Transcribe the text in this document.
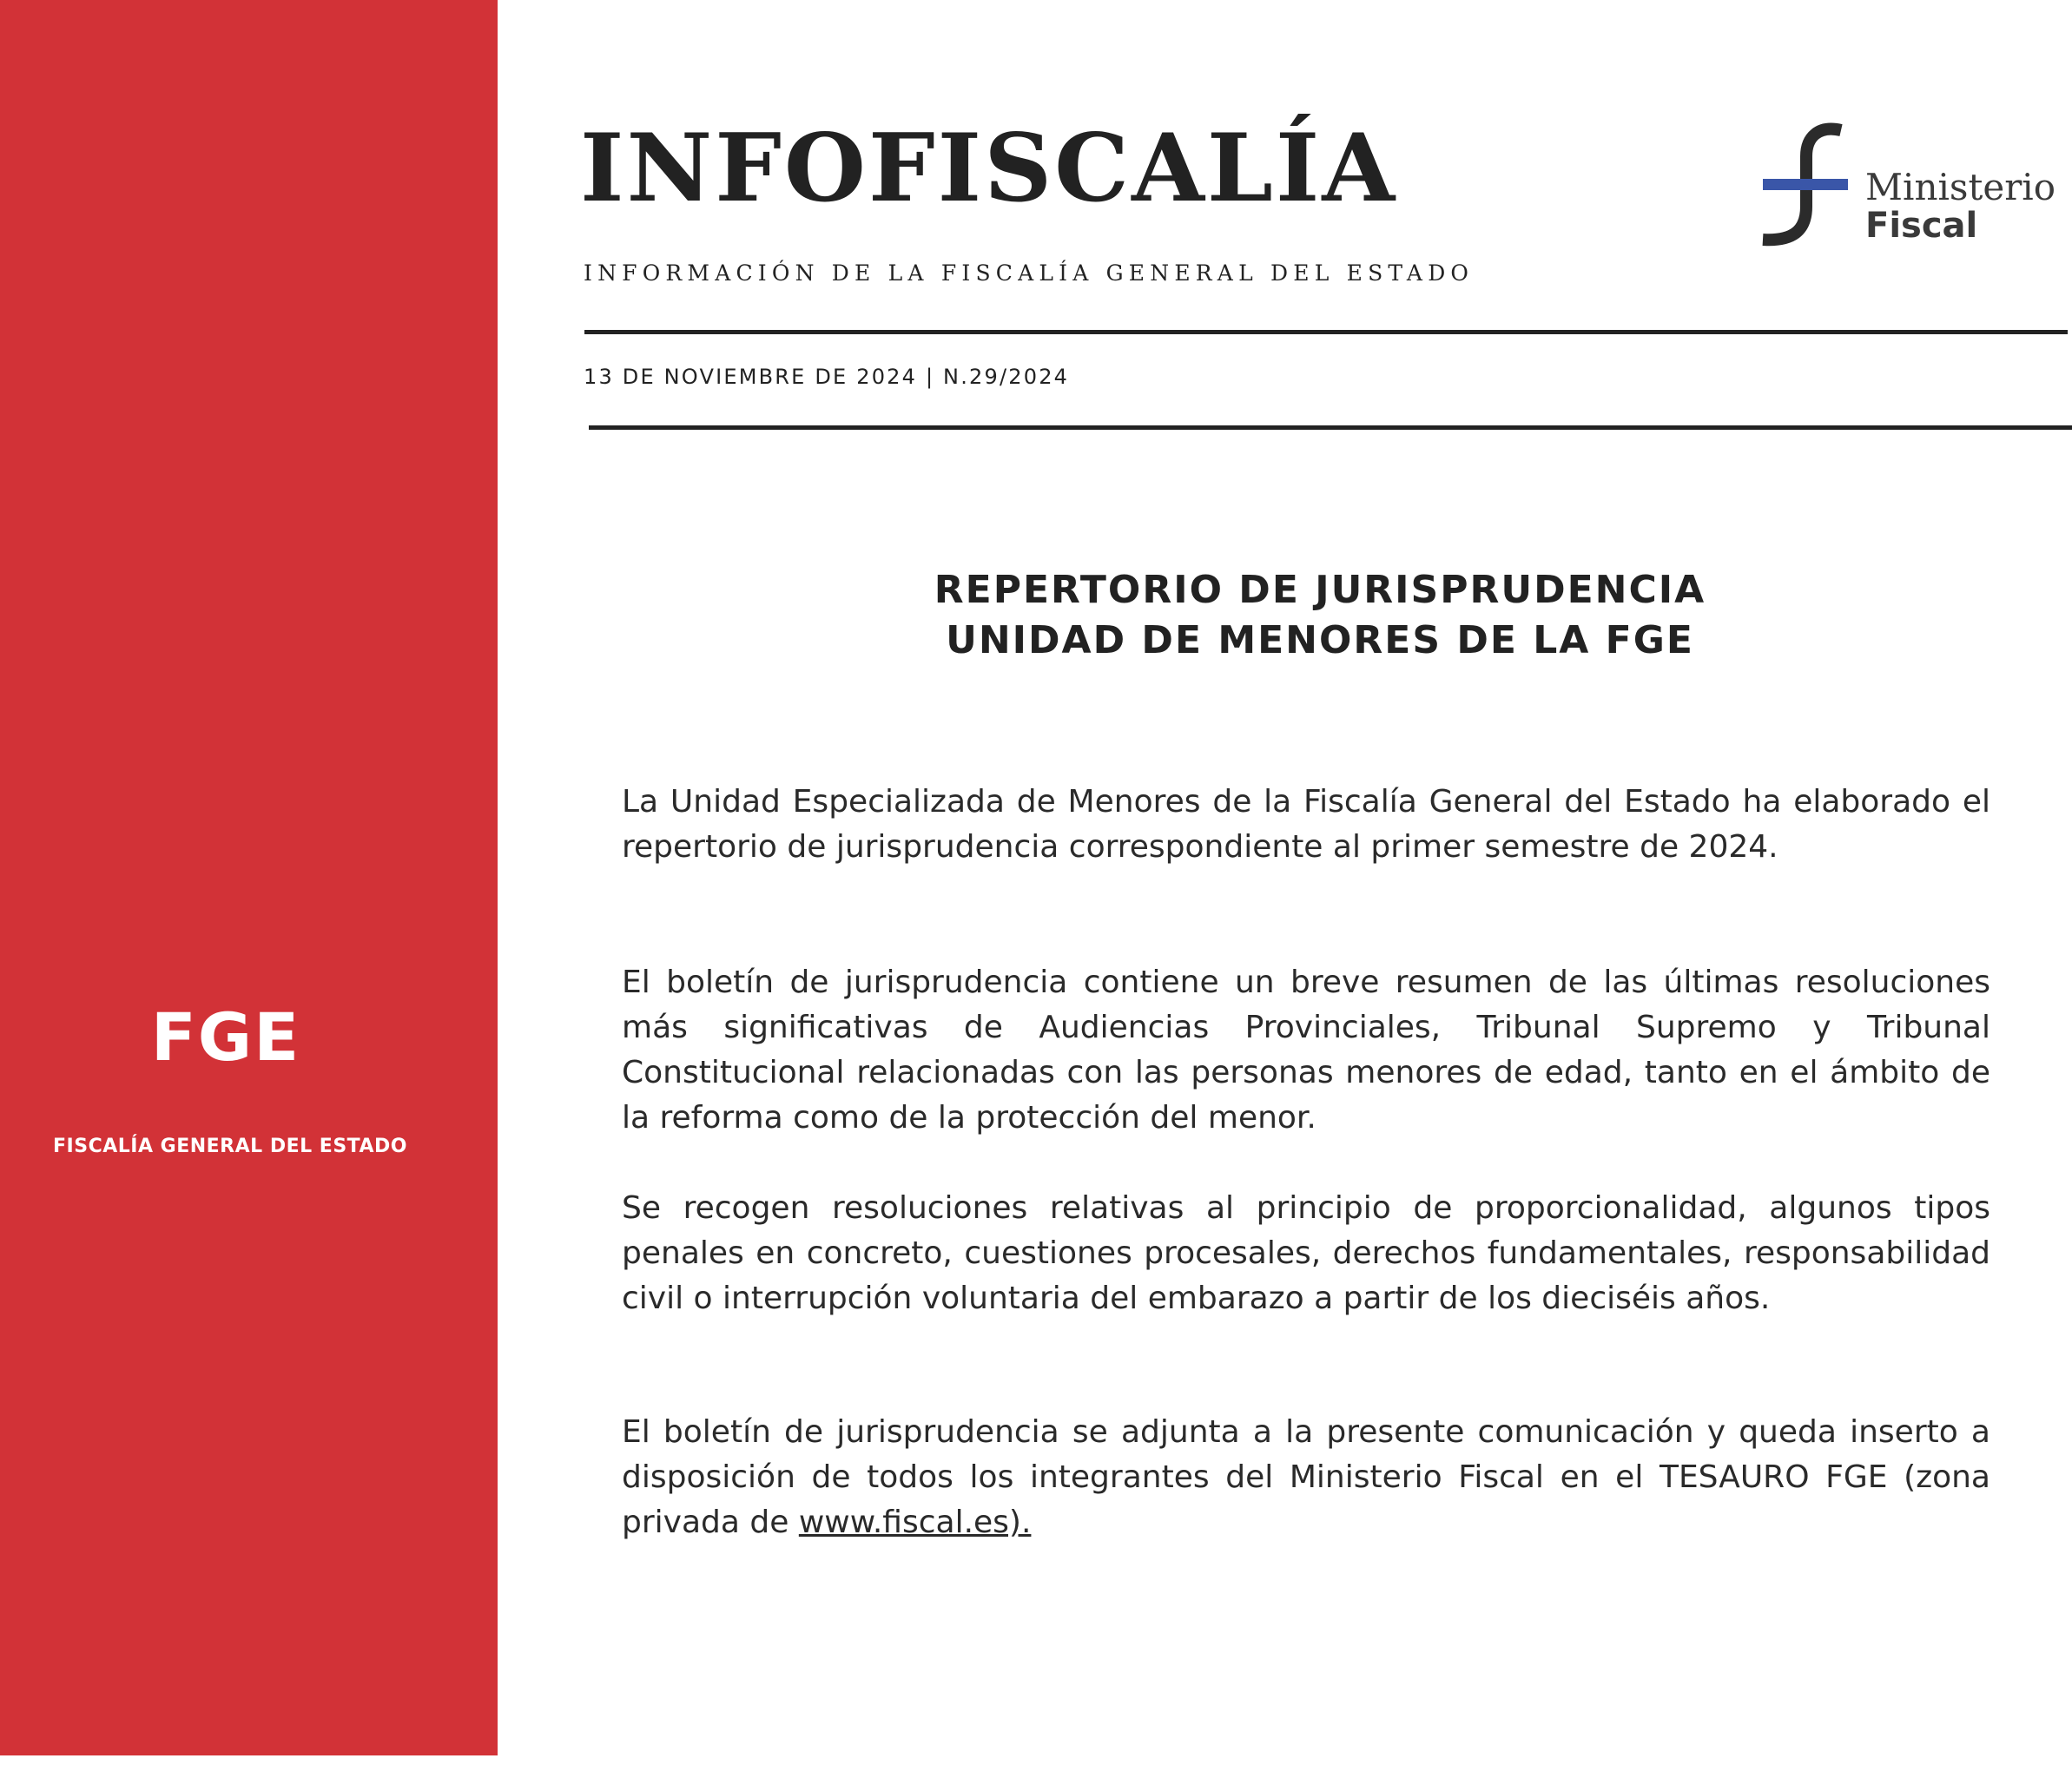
FGE
FISCALÍA GENERAL DEL ESTADO
INFOFISCALÍA
INFORMACIÓN DE LA FISCALÍA GENERAL DEL ESTADO
13 DE NOVIEMBRE DE 2024 | N.29/2024
Ministerio
Fiscal
REPERTORIO DE JURISPRUDENCIA
UNIDAD DE MENORES DE LA FGE

La Unidad Especializada de Menores de la Fiscalía General del Estado ha elaborado el repertorio de jurisprudencia correspondiente al primer semestre de 2024.

El boletín de jurisprudencia contiene un breve resumen de las últimas resoluciones más significativas de Audiencias Provinciales, Tribunal Supremo y Tribunal Constitucional relacionadas con las personas menores de edad, tanto en el ámbito de la reforma como de la protección del menor.

Se recogen resoluciones relativas al principio de proporcionalidad, algunos tipos penales en concreto, cuestiones procesales, derechos fundamentales, responsabilidad civil o interrupción voluntaria del embarazo a partir de los dieciséis años.

El boletín de jurisprudencia se adjunta a la presente comunicación y queda inserto a disposición de todos los integrantes del Ministerio Fiscal en el TESAURO FGE (zona privada de www.fiscal.es).
